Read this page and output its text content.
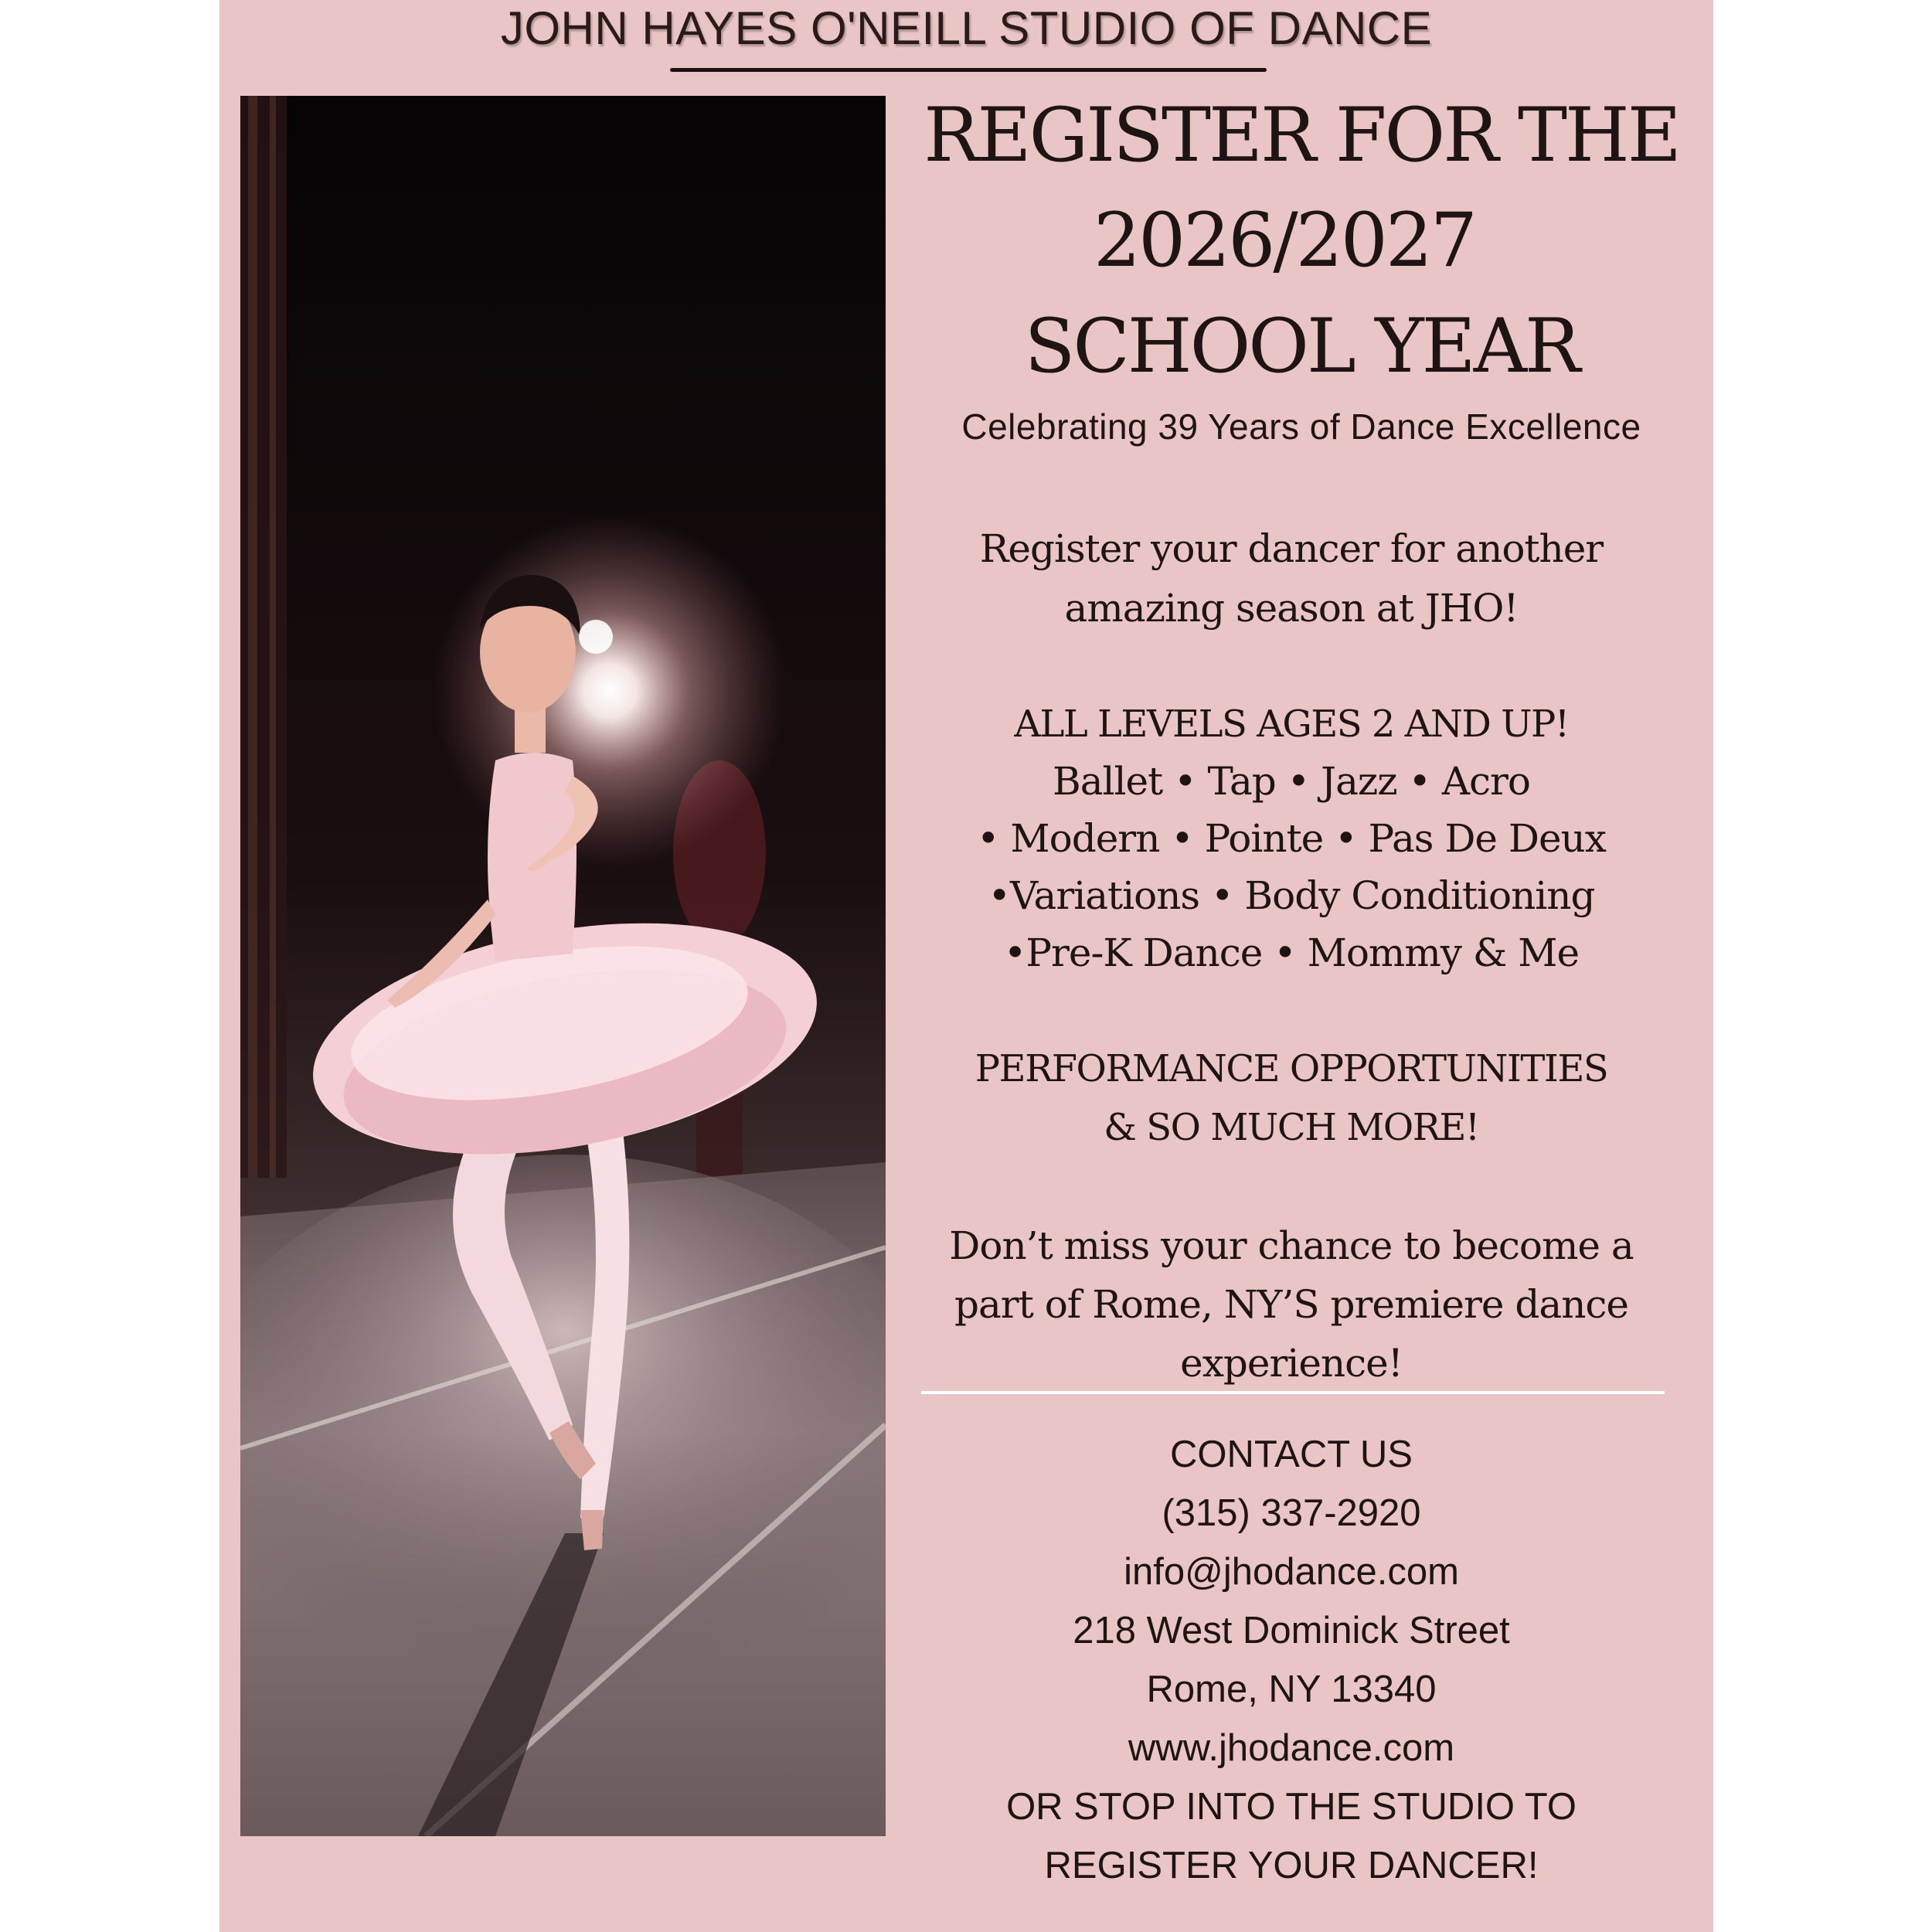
JOHN HAYES O'NEILL STUDIO OF DANCE
REGISTER FOR THE
2026/2027
SCHOOL YEAR
Celebrating 39 Years of Dance Excellence
Register your dancer for another
amazing season at JHO!
ALL LEVELS AGES 2 AND UP!
Ballet • Tap • Jazz • Acro
• Modern • Pointe • Pas De Deux
•Variations • Body Conditioning
•Pre-K Dance • Mommy & Me
PERFORMANCE OPPORTUNITIES
& SO MUCH MORE!
Don’t miss your chance to become a
part of Rome, NY’S premiere dance
experience!
CONTACT US
(315) 337-2920
info@jhodance.com
218 West Dominick Street
Rome, NY 13340
www.jhodance.com
OR STOP INTO THE STUDIO TO
REGISTER YOUR DANCER!
